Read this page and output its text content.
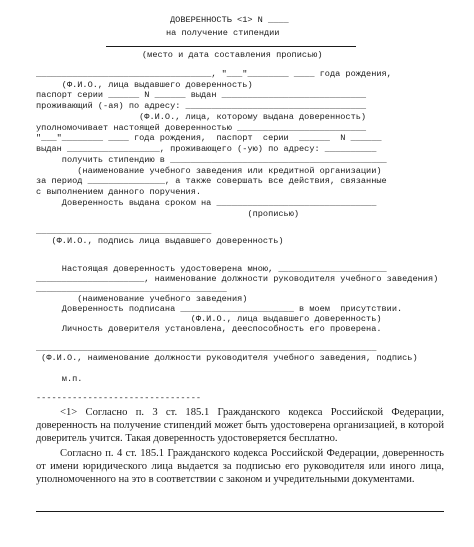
ДОВЕРЕННОСТЬ <1> N ____
на получение стипендии
(место и дата составления прописью)
__________________________________, "___"________ ____ года рождения,
(Ф.И.О., лица выдавшего доверенность)
паспорт серии ______ N ______ выдан ____________________________
проживающий (-ая) по адресу: ___________________________________
(Ф.И.О., лица, которому выдана доверенность)
уполномочивает настоящей доверенностью _________________________
"___"________ ____ года рождения,  паспорт  серии  ______  N ______
выдан __________________, проживающего (-ую) по адресу: __________
получить стипендию в __________________________________________
(наименование учебного заведения или кредитной организации)
за период _______________, а также совершать все действия, связанные
с выполнением данного поручения.
Доверенность выдана сроком на _______________________________
(прописью)
__________________________________
(Ф.И.О., подпись лица выдавшего доверенность)
Настоящая доверенность удостоверена мною, _____________________
_____________________, наименование должности руководителя учебного заведения)
_____________________________________
(наименование учебного заведения)
Доверенность подписана ______________________ в моем  присутствии.
(Ф.И.О., лица выдавшего доверенность)
Личность доверителя установлена, дееспособность его проверена.
__________________________________________________________________
(Ф.И.О., наименование должности руководителя учебного заведения, подпись)
м.п.
--------------------------------
<1> Согласно п. 3 ст. 185.1 Гражданского кодекса Российской Федерации, доверенность на получение стипендий может быть удостоверена организацией, в которой доверитель учится. Такая доверенность удостоверяется бесплатно.
Согласно п. 4 ст. 185.1 Гражданского кодекса Российской Федерации, доверенность от имени юридического лица выдается за подписью его руководителя или иного лица, уполномоченного на это в соответствии с законом и учредительными документами.
